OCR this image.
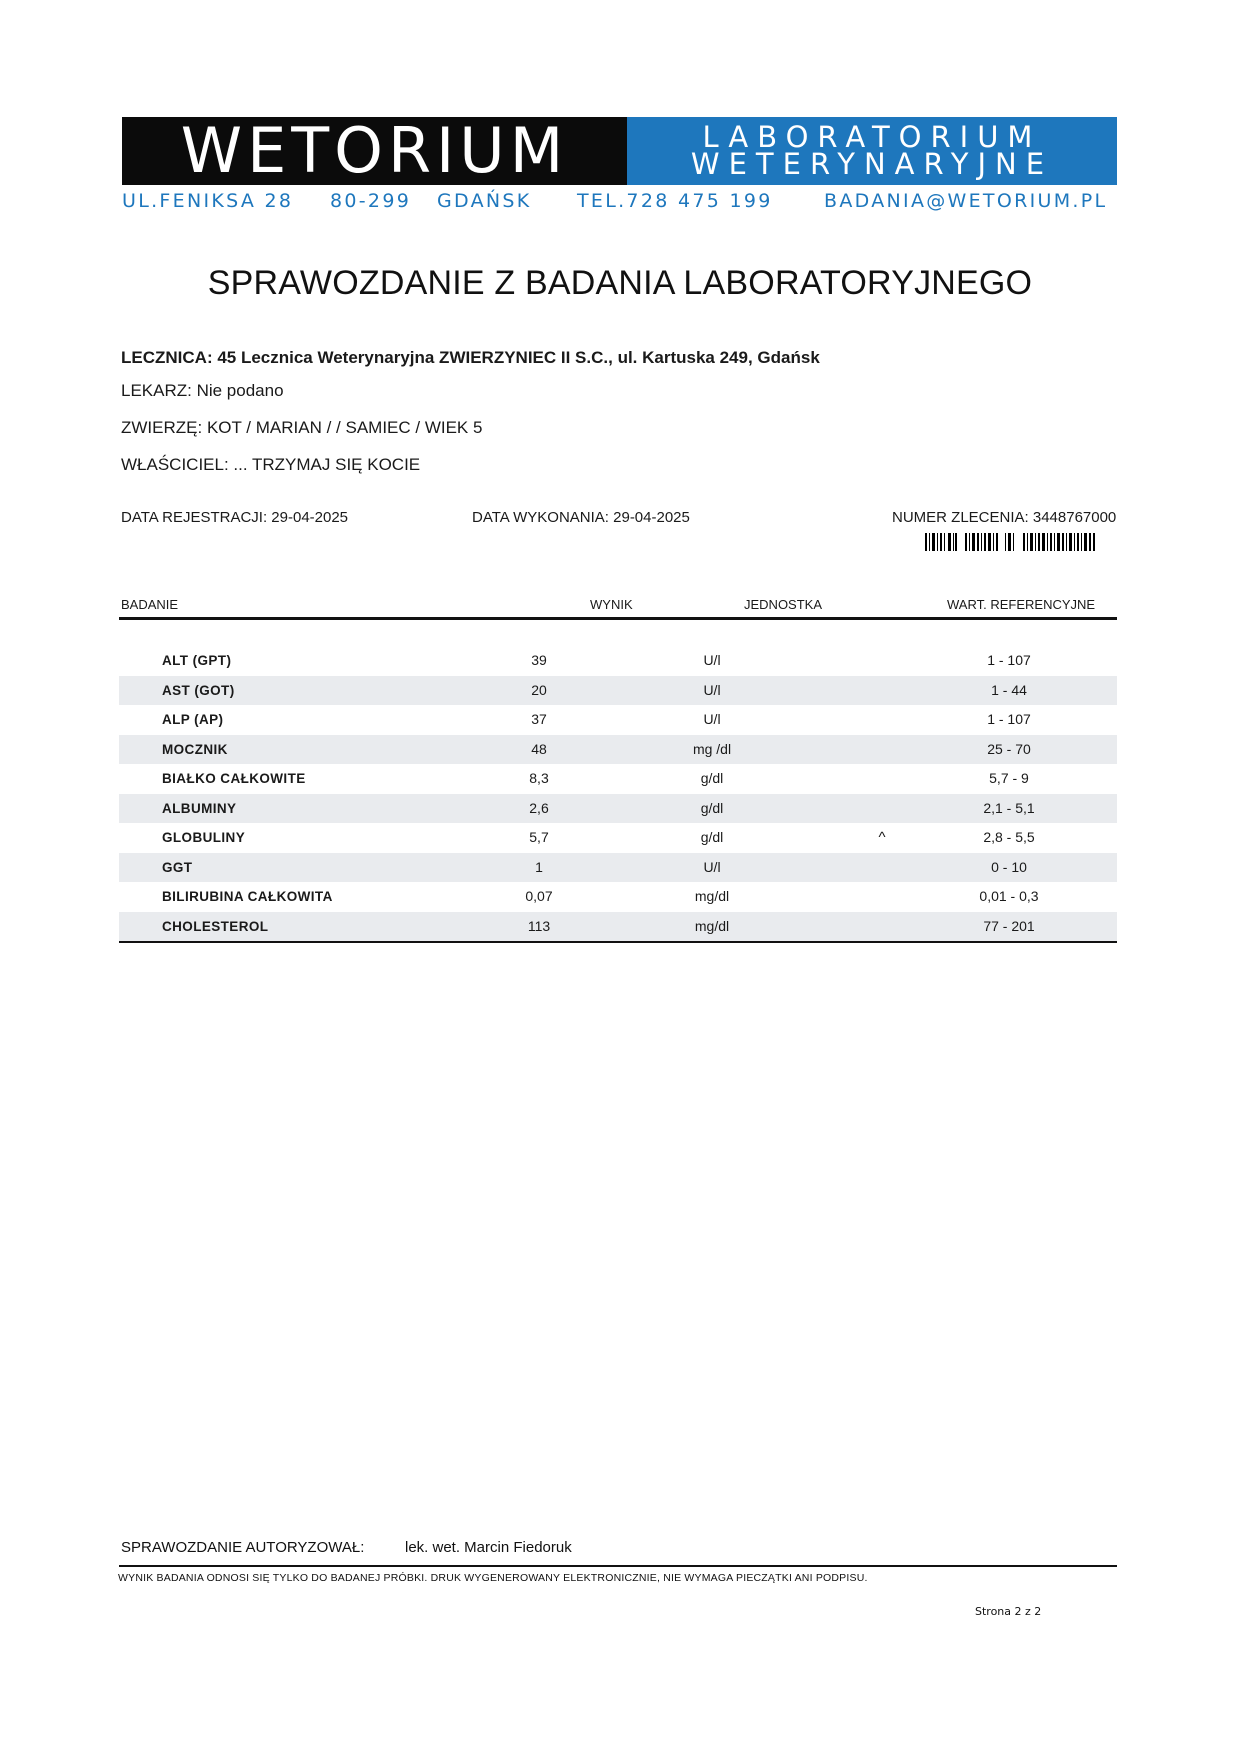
WETORIUM	LABORATORIUM
WETERYNARYJNE
UL.FENIKSA 28 80-299 GDAŃSK TEL.728 475 199	BADANIA@WETORIUM.PL
SPRAWOZDANIE Z BADANIA LABORATORYJNEGO
LECZNICA: 45 Lecznica Weterynaryjna ZWIERZYNIEC II S.C., ul. Kartuska 249, Gdańsk
LEKARZ: Nie podano
ZWIERZĘ: KOT / MARIAN / / SAMIEC / WIEK 5
WŁAŚCICIEL: ... TRZYMAJ SIĘ KOCIE
DATA REJESTRACJI: 29-04-2025	DATA WYKONANIA: 29-04-2025	NUMER ZLECENIA: 3448767000
BADANIE	WYNIK	JEDNOSTKA	WART. REFERENCYJNE
ALT (GPT)	39	U/l	1 - 107
AST (GOT)	20	U/l	1 - 44
ALP (AP)	37	U/l	1 - 107
MOCZNIK	48	mg /dl	25 - 70
BIAŁKO CAŁKOWITE	8,3	g/dl	5,7 - 9
ALBUMINY	2,6	g/dl	2,1 - 5,1
GLOBULINY	5,7	g/dl	^	2,8 - 5,5
GGT	1	U/l	0 - 10
BILIRUBINA CAŁKOWITA	0,07	mg/dl	0,01 - 0,3
CHOLESTEROL	113	mg/dl	77 - 201
SPRAWOZDANIE AUTORYZOWAŁ:	lek. wet. Marcin Fiedoruk
WYNIK BADANIA ODNOSI SIĘ TYLKO DO BADANEJ PRÓBKI. DRUK WYGENEROWANY ELEKTRONICZNIE, NIE WYMAGA PIECZĄTKI ANI PODPISU.
Strona 2 z 2
